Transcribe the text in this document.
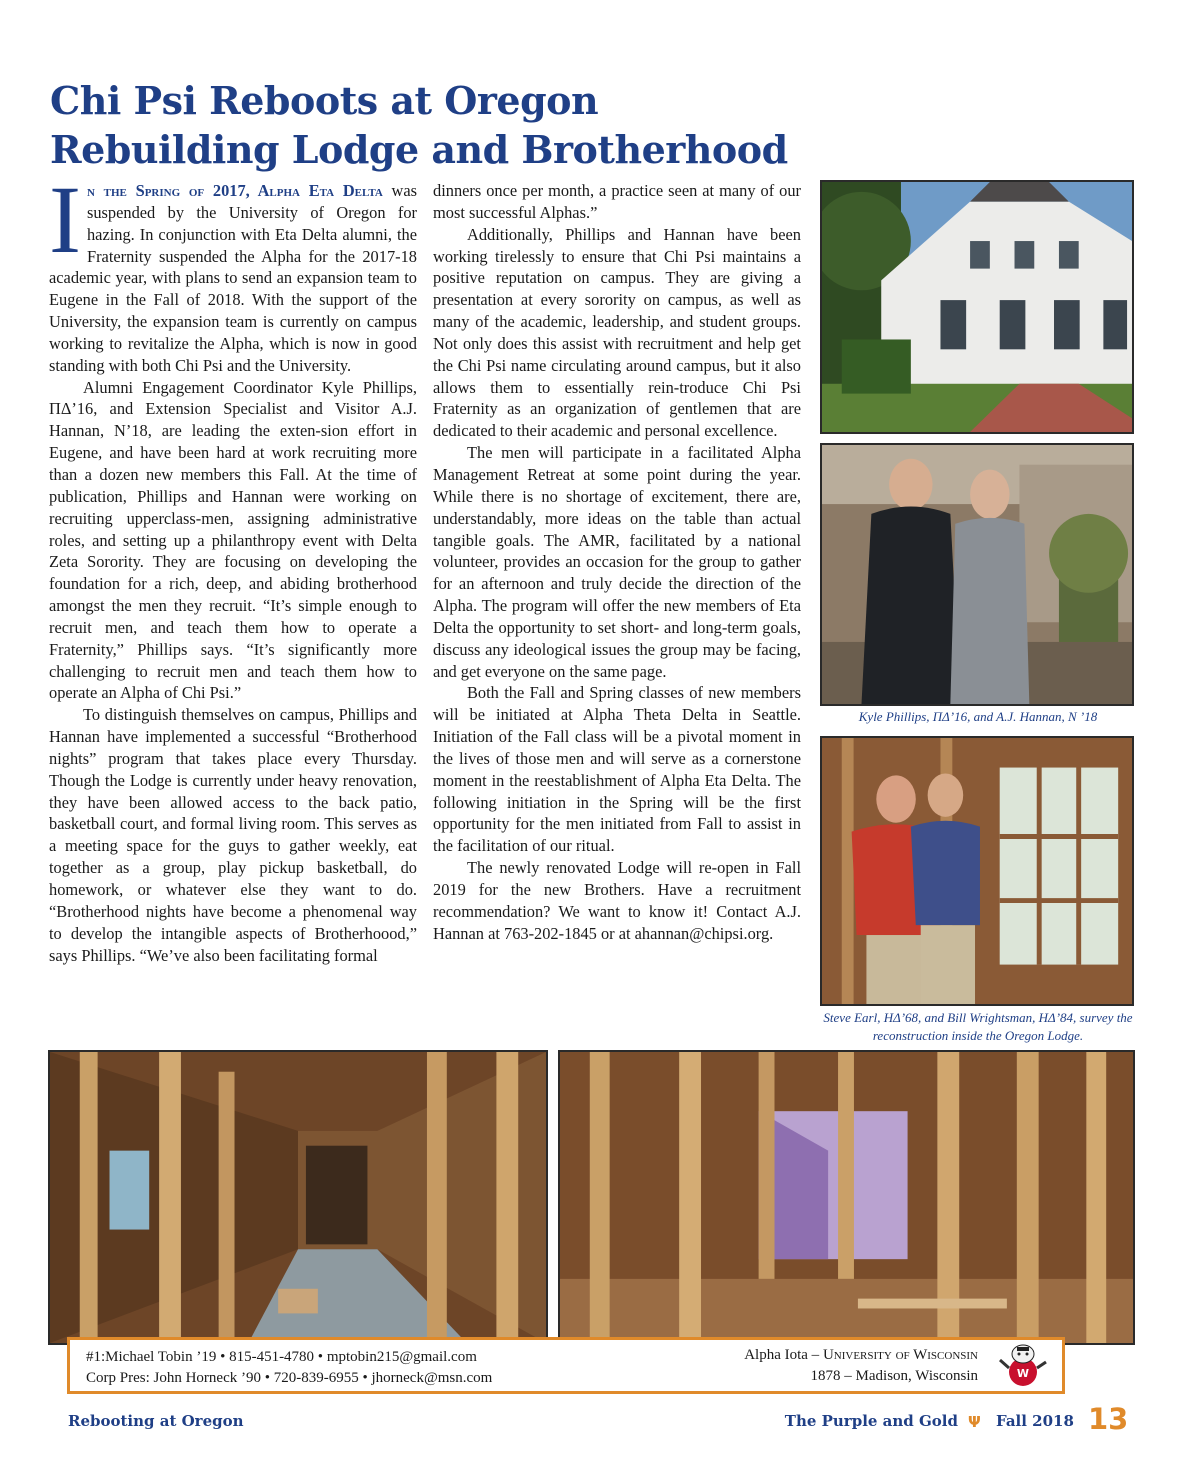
Chi Psi Reboots at Oregon
Rebuilding Lodge and Brotherhood

In the Spring of 2017, Alpha Eta Delta was suspended by the University of Oregon for hazing. In conjunction with Eta Delta alumni, the Fraternity suspended the Alpha for the 2017-18 academic year, with plans to send an expansion team to Eugene in the Fall of 2018. With the support of the University, the expansion team is currently on campus working to revitalize the Alpha, which is now in good standing with both Chi Psi and the University.

Alumni Engagement Coordinator Kyle Phillips, ΠΔ’16, and Extension Specialist and Visitor A.J. Hannan, N’18, are leading the exten-sion effort in Eugene, and have been hard at work recruiting more than a dozen new members this Fall. At the time of publication, Phillips and Hannan were working on recruiting upperclass-men, assigning administrative roles, and setting up a philanthropy event with Delta Zeta Sorority. They are focusing on developing the foundation for a rich, deep, and abiding brotherhood amongst the men they recruit. “It’s simple enough to recruit men, and teach them how to operate a Fraternity,” Phillips says. “It’s significantly more challenging to recruit men and teach them how to operate an Alpha of Chi Psi.”

To distinguish themselves on campus, Phillips and Hannan have implemented a successful “Brotherhood nights” program that takes place every Thursday. Though the Lodge is currently under heavy renovation, they have been allowed access to the back patio, basketball court, and formal living room. This serves as a meeting space for the guys to gather weekly, eat together as a group, play pickup basketball, do homework, or whatever else they want to do. “Brotherhood nights have become a phenomenal way to develop the intangible aspects of Brotherhoood,” says Phillips. “We’ve also been facilitating formal

dinners once per month, a practice seen at many of our most successful Alphas.”

Additionally, Phillips and Hannan have been working tirelessly to ensure that Chi Psi maintains a positive reputation on campus. They are giving a presentation at every sorority on campus, as well as many of the academic, leadership, and student groups. Not only does this assist with recruitment and help get the Chi Psi name circulating around campus, but it also allows them to essentially rein-troduce Chi Psi Fraternity as an organization of gentlemen that are dedicated to their academic and personal excellence.

The men will participate in a facilitated Alpha Management Retreat at some point during the year. While there is no shortage of excitement, there are, understandably, more ideas on the table than actual tangible goals. The AMR, facilitated by a national volunteer, provides an occasion for the group to gather for an afternoon and truly decide the direction of the Alpha. The program will offer the new members of Eta Delta the opportunity to set short- and long-term goals, discuss any ideological issues the group may be facing, and get everyone on the same page.

Both the Fall and Spring classes of new members will be initiated at Alpha Theta Delta in Seattle. Initiation of the Fall class will be a pivotal moment in the lives of those men and will serve as a cornerstone moment in the reestablishment of Alpha Eta Delta. The following initiation in the Spring will be the first opportunity for the men initiated from Fall to assist in the facilitation of our ritual.

The newly renovated Lodge will re-open in Fall 2019 for the new Brothers. Have a recruitment recommendation? We want to know it! Contact A.J. Hannan at 763-202-1845 or at ahannan@chipsi.org.

Kyle Phillips, ΠΔ’16, and A.J. Hannan, N ’18
Steve Earl, HΔ’68, and Bill Wrightsman, HΔ’84, survey the reconstruction inside the Oregon Lodge.
#1:Michael Tobin ’19 • 815-451-4780 • mptobin215@gmail.com
Corp Pres: John Horneck ’90 • 720-839-6955 • jhorneck@msn.com
Alpha Iota – University of Wisconsin
1878 – Madison, Wisconsin	W
Rebooting at Oregon	The Purple and Gold Ψ Fall 2018 13
